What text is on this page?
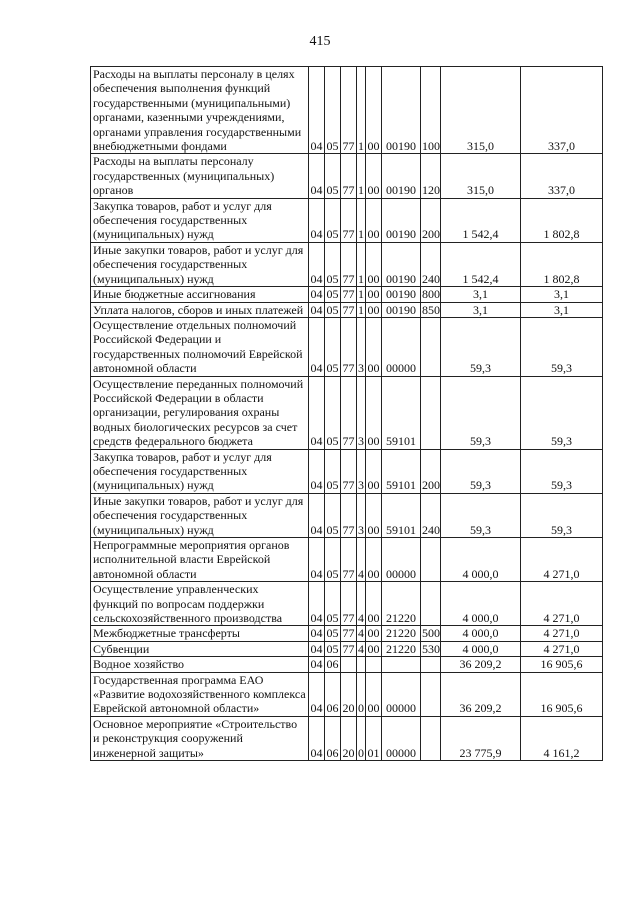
415
Расходы на выплаты персоналу в целях обеспечения выполнения функций государственными (муниципальными) органами, казенными учреждениями, органами управления государственными внебюджетными фондами	04	05	77	1	00	00190	100	315,0	337,0
Расходы на выплаты персоналу государственных (муниципальных) органов	04	05	77	1	00	00190	120	315,0	337,0
Закупка товаров, работ и услуг для обеспечения государственных (муниципальных) нужд	04	05	77	1	00	00190	200	1 542,4	1 802,8
Иные закупки товаров, работ и услуг для обеспечения государственных (муниципальных) нужд	04	05	77	1	00	00190	240	1 542,4	1 802,8
Иные бюджетные ассигнования	04	05	77	1	00	00190	800	3,1	3,1
Уплата налогов, сборов и иных платежей	04	05	77	1	00	00190	850	3,1	3,1
Осуществление отдельных полномочий Российской Федерации и государственных полномочий Еврейской автономной области	04	05	77	3	00	00000		59,3	59,3
Осуществление переданных полномочий Российской Федерации в области организации, регулирования охраны водных биологических ресурсов за счет средств федерального бюджета	04	05	77	3	00	59101		59,3	59,3
Закупка товаров, работ и услуг для обеспечения государственных (муниципальных) нужд	04	05	77	3	00	59101	200	59,3	59,3
Иные закупки товаров, работ и услуг для обеспечения государственных (муниципальных) нужд	04	05	77	3	00	59101	240	59,3	59,3
Непрограммные мероприятия органов исполнительной власти Еврейской автономной области	04	05	77	4	00	00000		4 000,0	4 271,0
Осуществление управленческих функций по вопросам поддержки сельскохозяйственного производства	04	05	77	4	00	21220		4 000,0	4 271,0
Межбюджетные трансферты	04	05	77	4	00	21220	500	4 000,0	4 271,0
Субвенции	04	05	77	4	00	21220	530	4 000,0	4 271,0
Водное хозяйство	04	06						36 209,2	16 905,6
Государственная программа ЕАО «Развитие водохозяйственного комплекса Еврейской автономной области»	04	06	20	0	00	00000		36 209,2	16 905,6
Основное мероприятие «Строительство и реконструкция сооружений инженерной защиты»	04	06	20	0	01	00000		23 775,9	4 161,2
